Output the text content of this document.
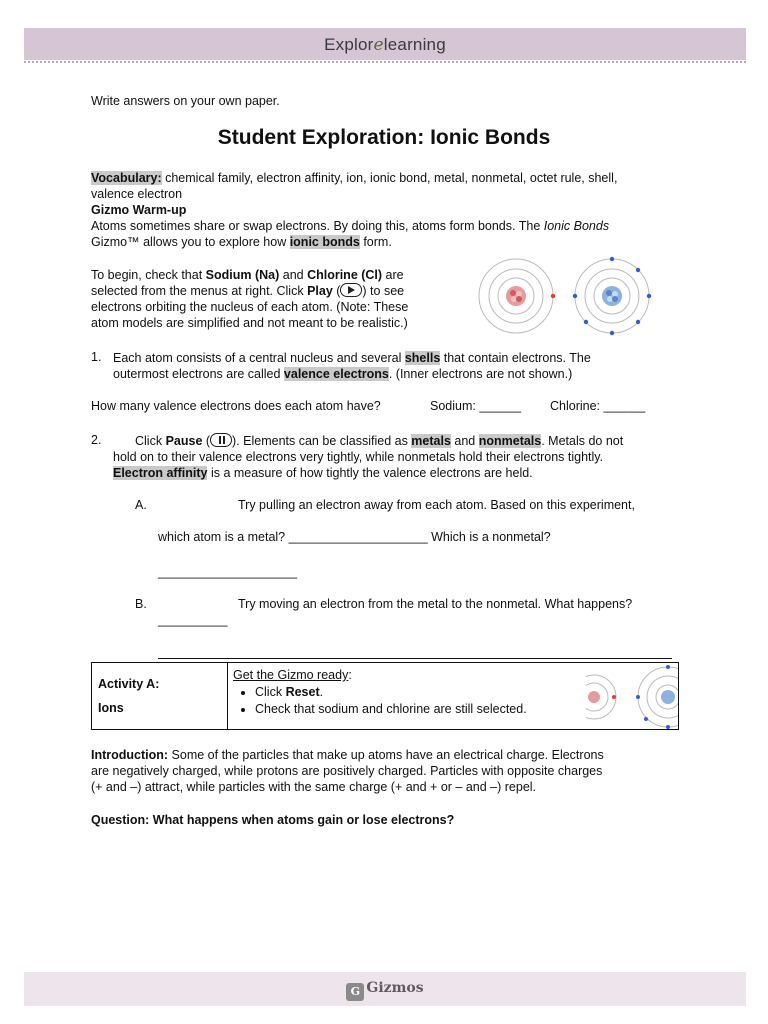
Explorelearning
Write answers on your own paper.
Student Exploration: Ionic Bonds
Vocabulary: chemical family, electron affinity, ion, ionic bond, metal, nonmetal, octet rule, shell,
valence electron
Gizmo Warm-up
Atoms sometimes share or swap electrons. By doing this, atoms form bonds. The Ionic Bonds
Gizmo™ allows you to explore how ionic bonds form.
To begin, check that Sodium (Na) and Chlorine (Cl) are
selected from the menus at right. Click Play ( ) to see
electrons orbiting the nucleus of each atom. (Note: These
atom models are simplified and not meant to be realistic.)
1. Each atom consists of a central nucleus and several shells that contain electrons. The
outermost electrons are called valence electrons. (Inner electrons are not shown.)
How many valence electrons does each atom have?	Sodium: ______ Chlorine: ______
2.	Click Pause ( ). Elements can be classified as metals and nonmetals. Metals do not
hold on to their valence electrons very tightly, while nonmetals hold their electrons tightly.
Electron affinity is a measure of how tightly the valence electrons are held.
A.	Try pulling an electron away from each atom. Based on this experiment,
which atom is a metal? ____________________ Which is a nonmetal?
____________________
B.	Try moving an electron from the metal to the nonmetal. What happens?
__________
Activity A:
Ions
Get the Gizmo ready:
• Click Reset.
• Check that sodium and chlorine are still selected.
Introduction: Some of the particles that make up atoms have an electrical charge. Electrons
are negatively charged, while protons are positively charged. Particles with opposite charges
(+ and –) attract, while particles with the same charge (+ and + or – and –) repel.
Question: What happens when atoms gain or lose electrons?
G Gizmos
